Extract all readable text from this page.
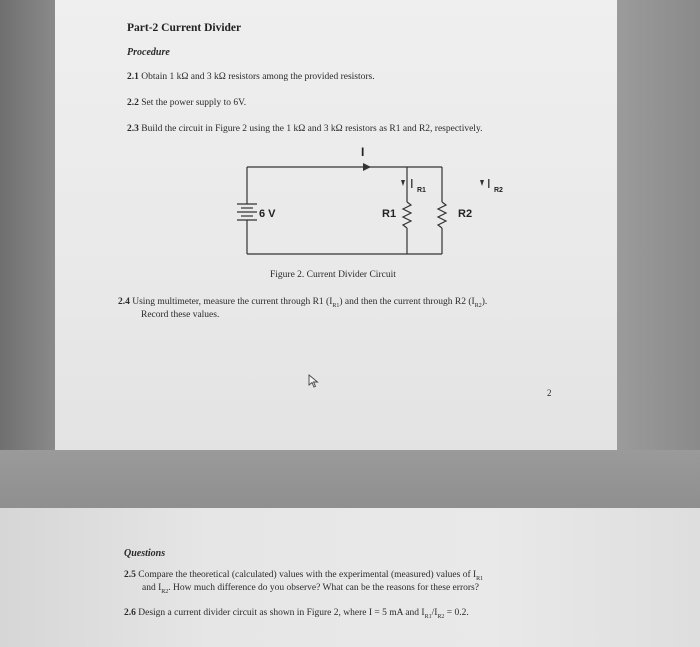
Part-2 Current Divider
Procedure
2.1 Obtain 1 kΩ and 3 kΩ resistors among the provided resistors.
2.2 Set the power supply to 6V.
2.3 Build the circuit in Figure 2 using the 1 kΩ and 3 kΩ resistors as R1 and R2, respectively.
I
I R1	I R2
6 V	R1	R2
Figure 2. Current Divider Circuit
2.4 Using multimeter, measure the current through R1 $(I_{R1})$ and then the current through R2 $(I_{R2})$.
Record these values.
2
Questions
2.5 Compare the theoretical (calculated) values with the experimental (measured) values of $I_{R1}$
and $I_{R2}$. How much difference do you observe? What can be the reasons for these errors?
2.6 Design a current divider circuit as shown in Figure 2, where I = 5 mA and $I_{R1}/I_{R2} = 0.2$.
